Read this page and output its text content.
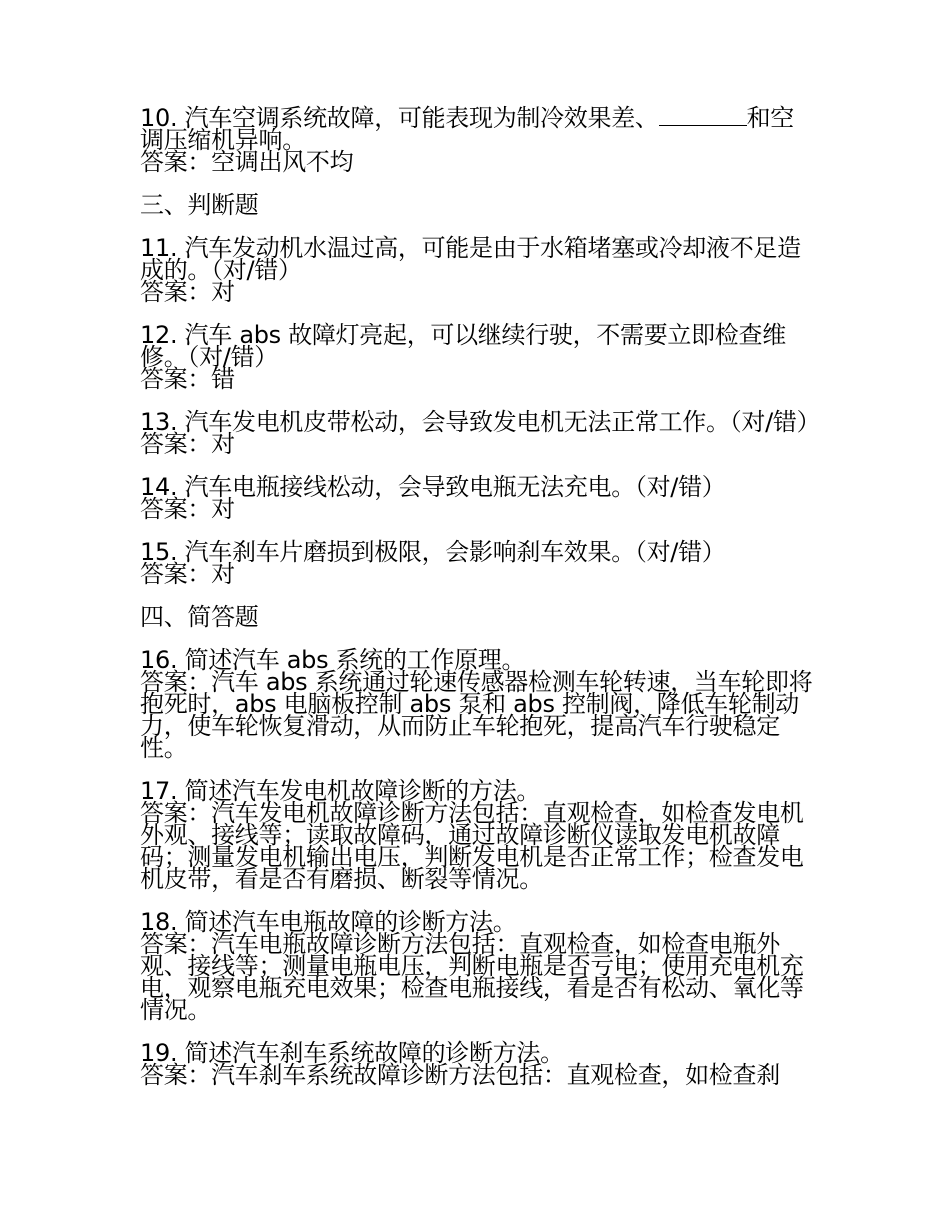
10. 汽车空调系统故障，可能表现为制冷效果差、	和空调压缩机异响。

答案：空调出风不均

三、判断题

11. 汽车发动机水温过高，可能是由于水箱堵塞或冷却液不足造成的。（对/错）

答案：对

12. 汽车 abs 故障灯亮起，可以继续行驶，不需要立即检查维修。（对/错）

答案：错

13. 汽车发电机皮带松动，会导致发电机无法正常工作。（对/错）

答案：对

14. 汽车电瓶接线松动，会导致电瓶无法充电。（对/错）

答案：对

15. 汽车刹车片磨损到极限，会影响刹车效果。（对/错）

答案：对

四、简答题

16. 简述汽车 abs 系统的工作原理。

答案：汽车 abs 系统通过轮速传感器检测车轮转速，当车轮即将抱死时，abs 电脑板控制 abs 泵和 abs 控制阀，降低车轮制动力，使车轮恢复滑动，从而防止车轮抱死，提高汽车行驶稳定性。

17. 简述汽车发电机故障诊断的方法。

答案：汽车发电机故障诊断方法包括：直观检查，如检查发电机外观、接线等；读取故障码，通过故障诊断仪读取发电机故障码；测量发电机输出电压，判断发电机是否正常工作；检查发电机皮带，看是否有磨损、断裂等情况。

18. 简述汽车电瓶故障的诊断方法。

答案：汽车电瓶故障诊断方法包括：直观检查，如检查电瓶外观、接线等；测量电瓶电压，判断电瓶是否亏电；使用充电机充电，观察电瓶充电效果；检查电瓶接线，看是否有松动、氧化等情况。

19. 简述汽车刹车系统故障的诊断方法。

答案：汽车刹车系统故障诊断方法包括：直观检查，如检查刹
